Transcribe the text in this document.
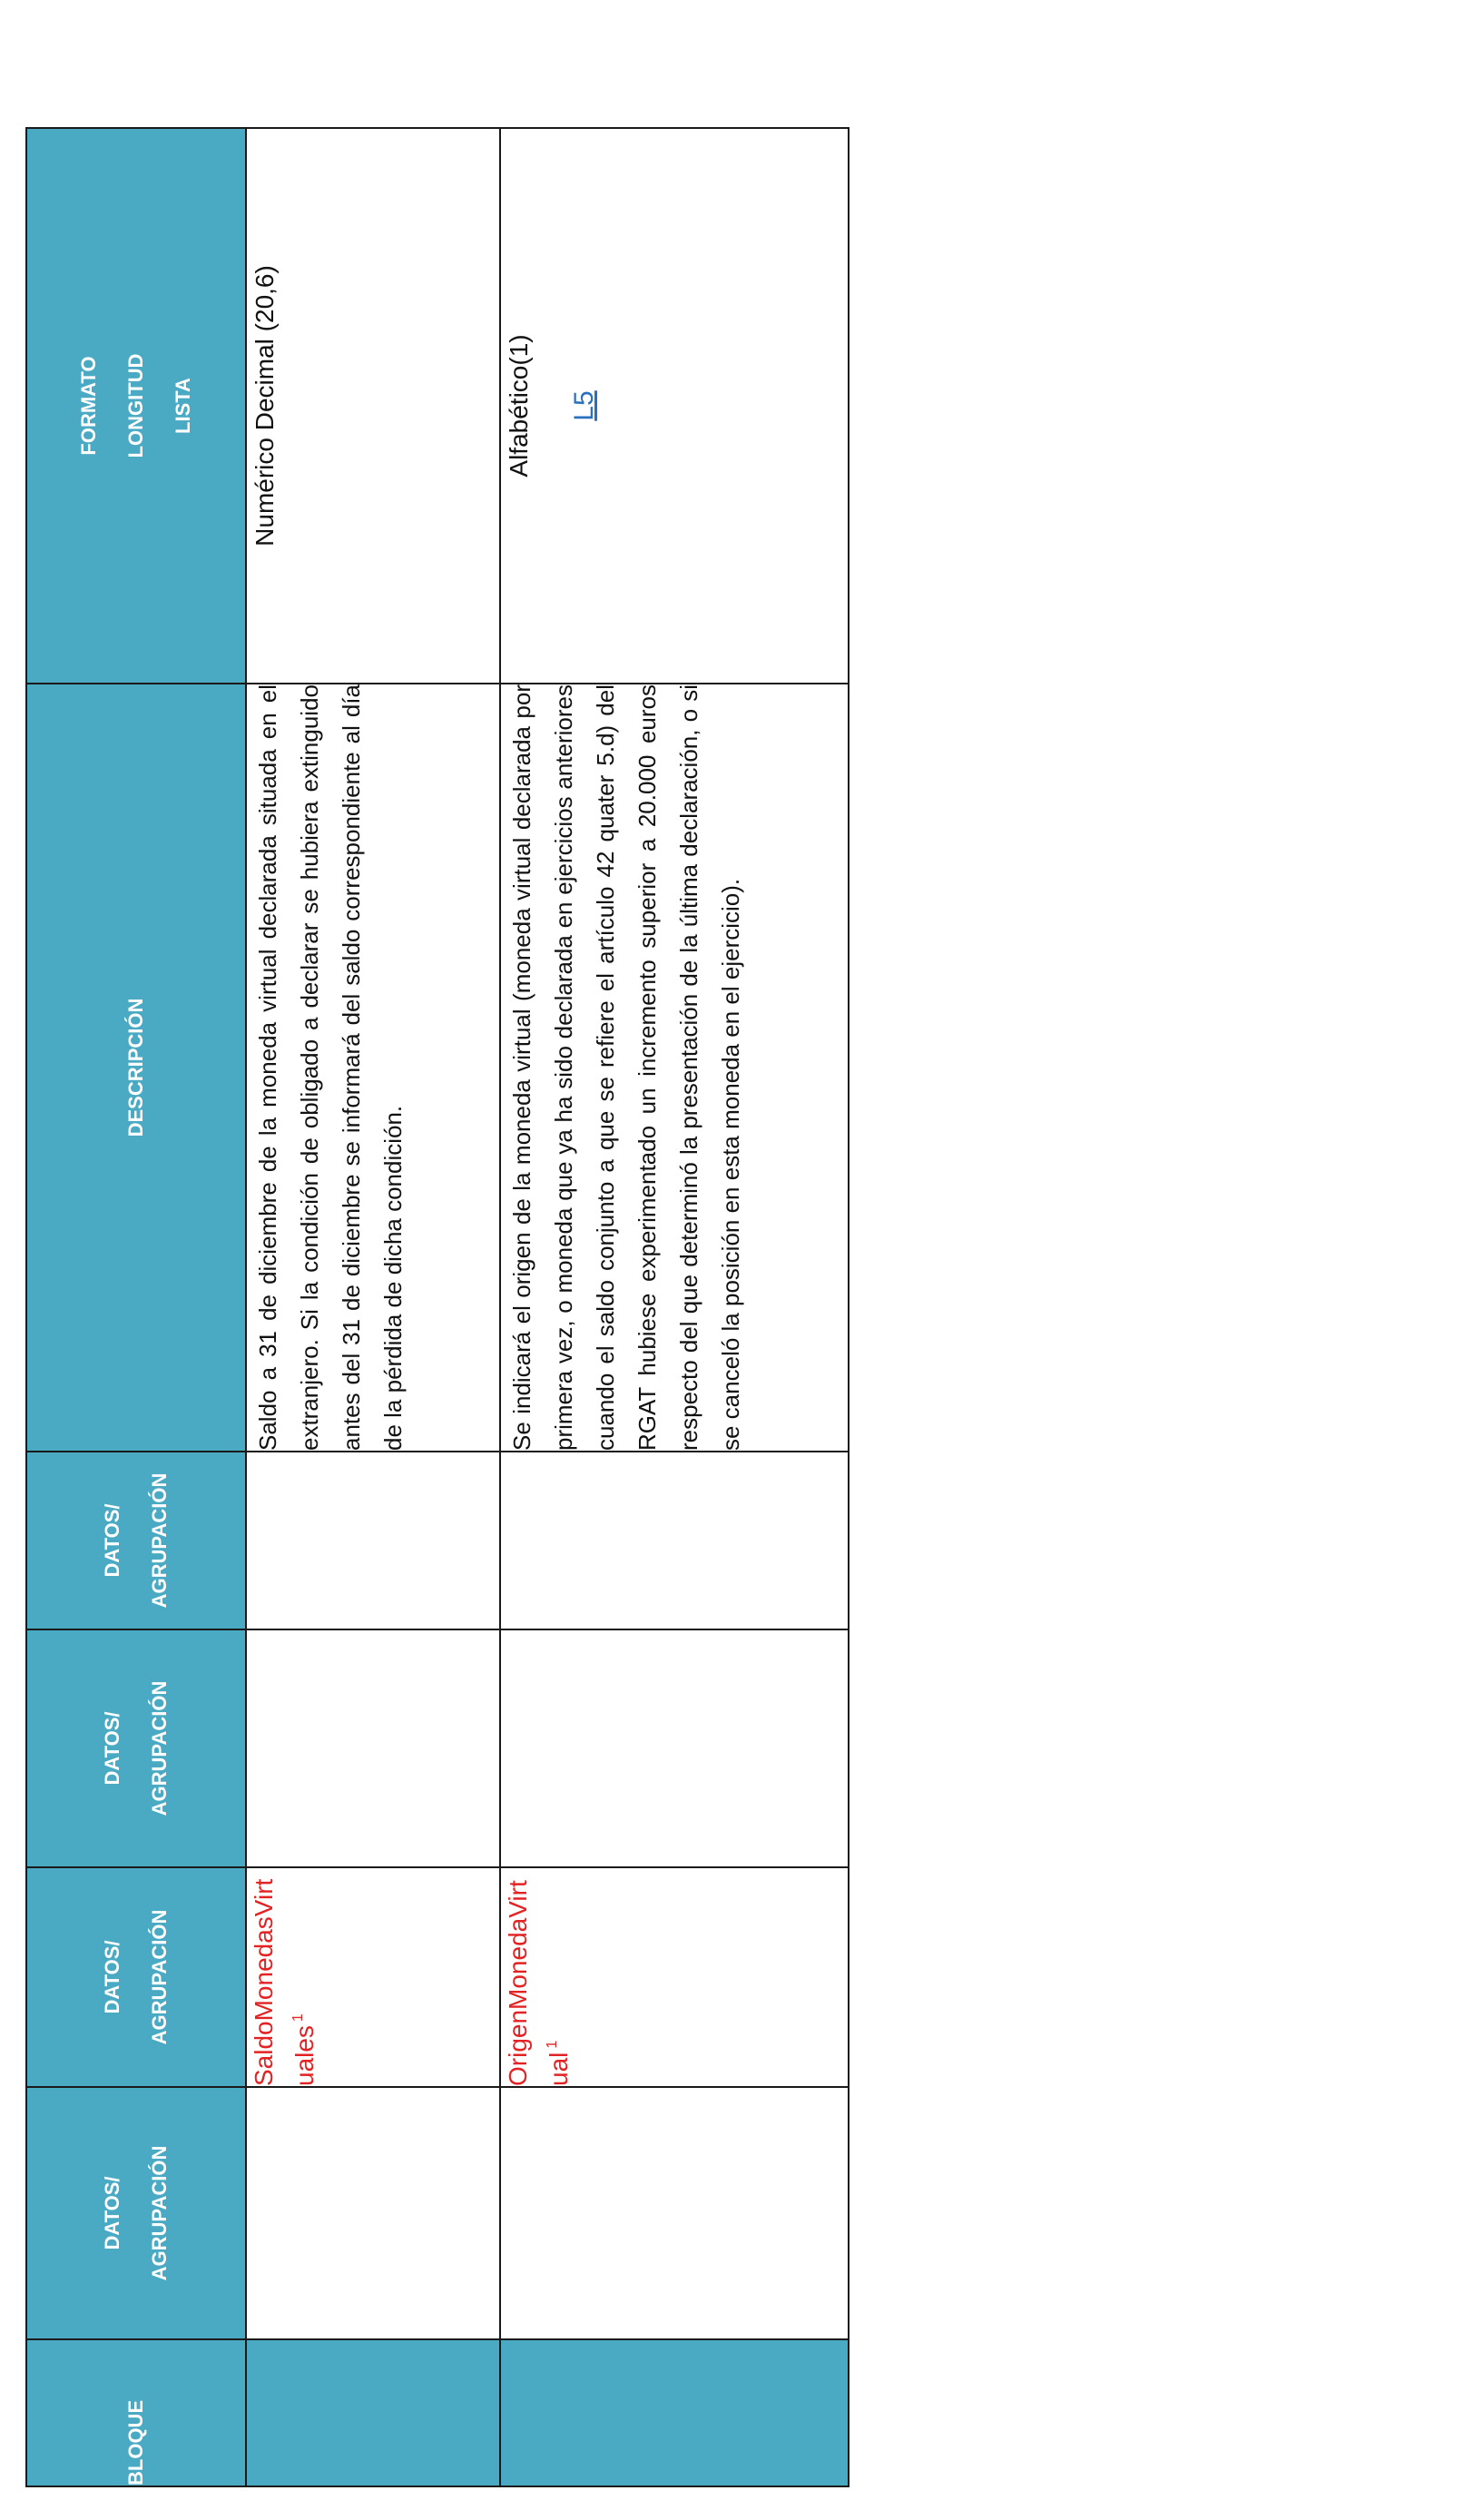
BLOQUE	DATOS/ AGRUPACIÓN	DATOS/ AGRUPACIÓN	DATOS/ AGRUPACIÓN	DATOS/ AGRUPACIÓN	DESCRIPCIÓN	FORMATO LONGITUD LISTA

		SaldoMonedasVirtuales$^1$			Saldo a 31 de diciembre de la moneda virtual declarada situada en el extranjero. Si la condición de obligado a declarar se hubiera extinguido antes del 31 de diciembre se informará del saldo correspondiente al día de la pérdida de dicha condición.	Numérico Decimal (20,6)
		OrigenMonedaVirtual$^1$			Se indicará el origen de la moneda virtual (moneda virtual declarada por primera vez, o moneda que ya ha sido declarada en ejercicios anteriores cuando el saldo conjunto a que se refiere el artículo 42 quater 5.d) del RGAT hubiese experimentado un incremento superior a 20.000 euros respecto del que determinó la presentación de la última declaración, o si se canceló la posición en esta moneda en el ejercicio).	Alfabético(1) L5
